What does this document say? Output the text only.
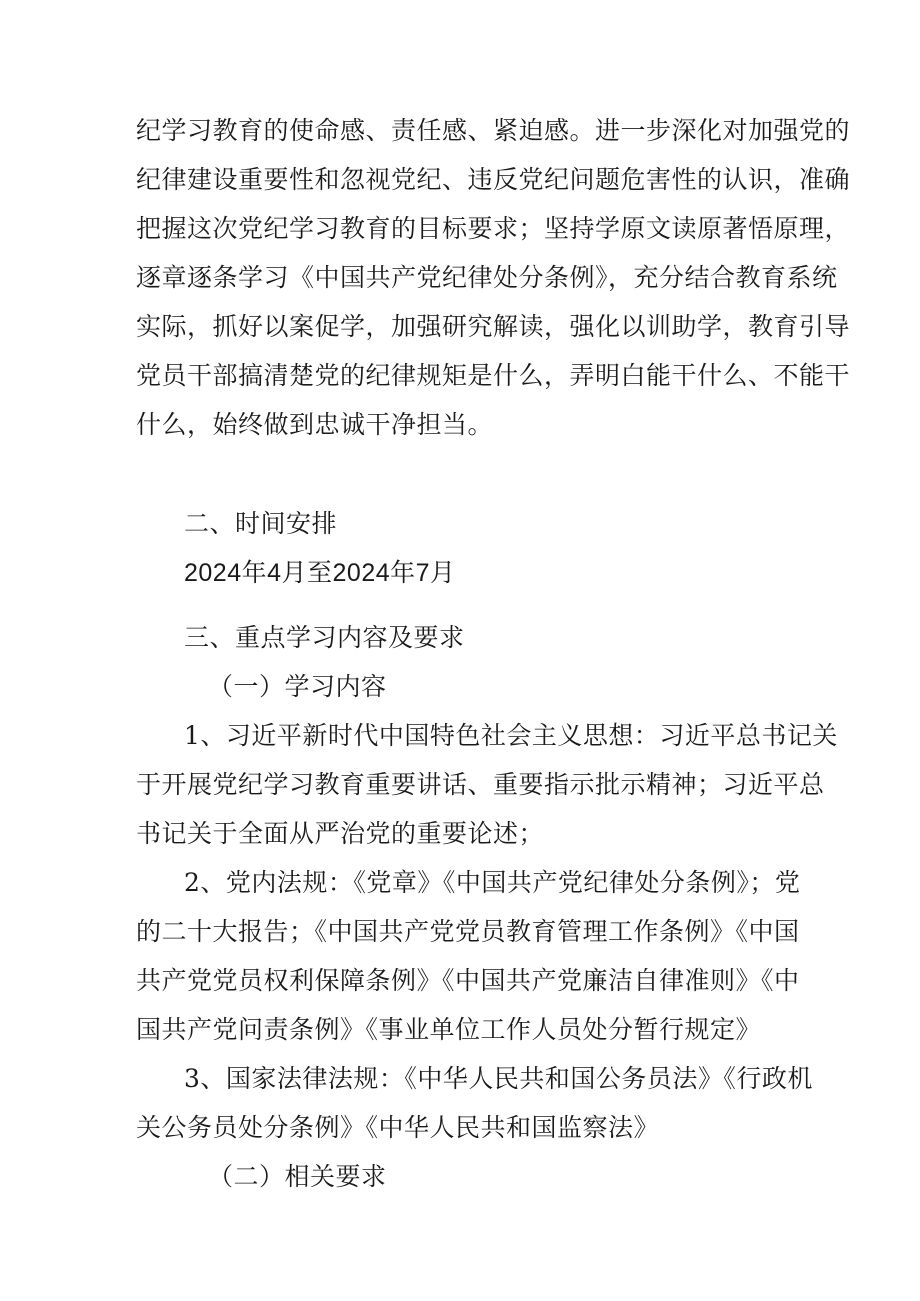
纪学习教育的使命感、责任感、紧迫感。进一步深化对加强党的
纪律建设重要性和忽视党纪、违反党纪问题危害性的认识，准确
把握这次党纪学习教育的目标要求；坚持学原文读原著悟原理，
逐章逐条学习《中国共产党纪律处分条例》，充分结合教育系统
实际，抓好以案促学，加强研究解读，强化以训助学，教育引导
党员干部搞清楚党的纪律规矩是什么，弄明白能干什么、不能干
什么，始终做到忠诚干净担当。
二、时间安排
2024年4月至2024年7月
三、重点学习内容及要求
（一）学习内容
1、习近平新时代中国特色社会主义思想：习近平总书记关
于开展党纪学习教育重要讲话、重要指示批示精神；习近平总
书记关于全面从严治党的重要论述；
2、党内法规：《党章》《中国共产党纪律处分条例》；党
的二十大报告；《中国共产党党员教育管理工作条例》《中国
共产党党员权利保障条例》《中国共产党廉洁自律准则》《中
国共产党问责条例》《事业单位工作人员处分暂行规定》
3、国家法律法规：《中华人民共和国公务员法》《行政机
关公务员处分条例》《中华人民共和国监察法》
（二）相关要求
